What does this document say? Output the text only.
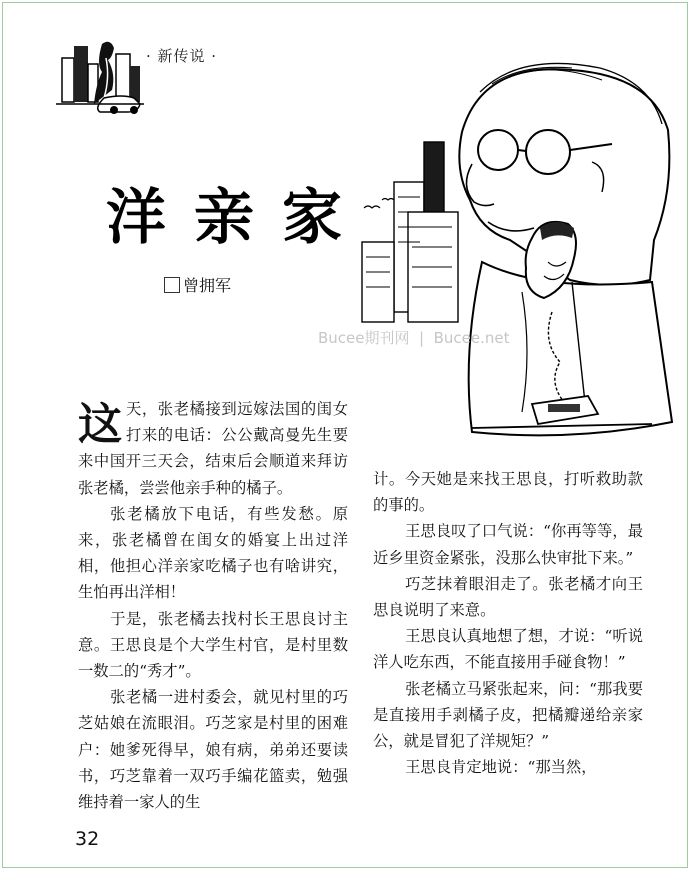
· 新传说 ·
洋亲家
曾拥军
Bucee期刊网  |  Bucee.net

这天，张老橘接到远嫁法国的闺女打来的电话：公公戴高曼先生要来中国开三天会，结束后会顺道来拜访张老橘，尝尝他亲手种的橘子。

张老橘放下电话，有些发愁。原来，张老橘曾在闺女的婚宴上出过洋相，他担心洋亲家吃橘子也有啥讲究，生怕再出洋相！

于是，张老橘去找村长王思良讨主意。王思良是个大学生村官，是村里数一数二的“秀才”。

张老橘一进村委会，就见村里的巧芝姑娘在流眼泪。巧芝家是村里的困难户：她爹死得早，娘有病，弟弟还要读书，巧芝靠着一双巧手编花篮卖，勉强维持着一家人的生

计。今天她是来找王思良，打听救助款的事的。

王思良叹了口气说：“你再等等，最近乡里资金紧张，没那么快审批下来。”

巧芝抹着眼泪走了。张老橘才向王思良说明了来意。

王思良认真地想了想，才说：“听说洋人吃东西，不能直接用手碰食物！”

张老橘立马紧张起来，问：“那我要是直接用手剥橘子皮，把橘瓣递给亲家公，就是冒犯了洋规矩？”

王思良肯定地说：“那当然，

32
